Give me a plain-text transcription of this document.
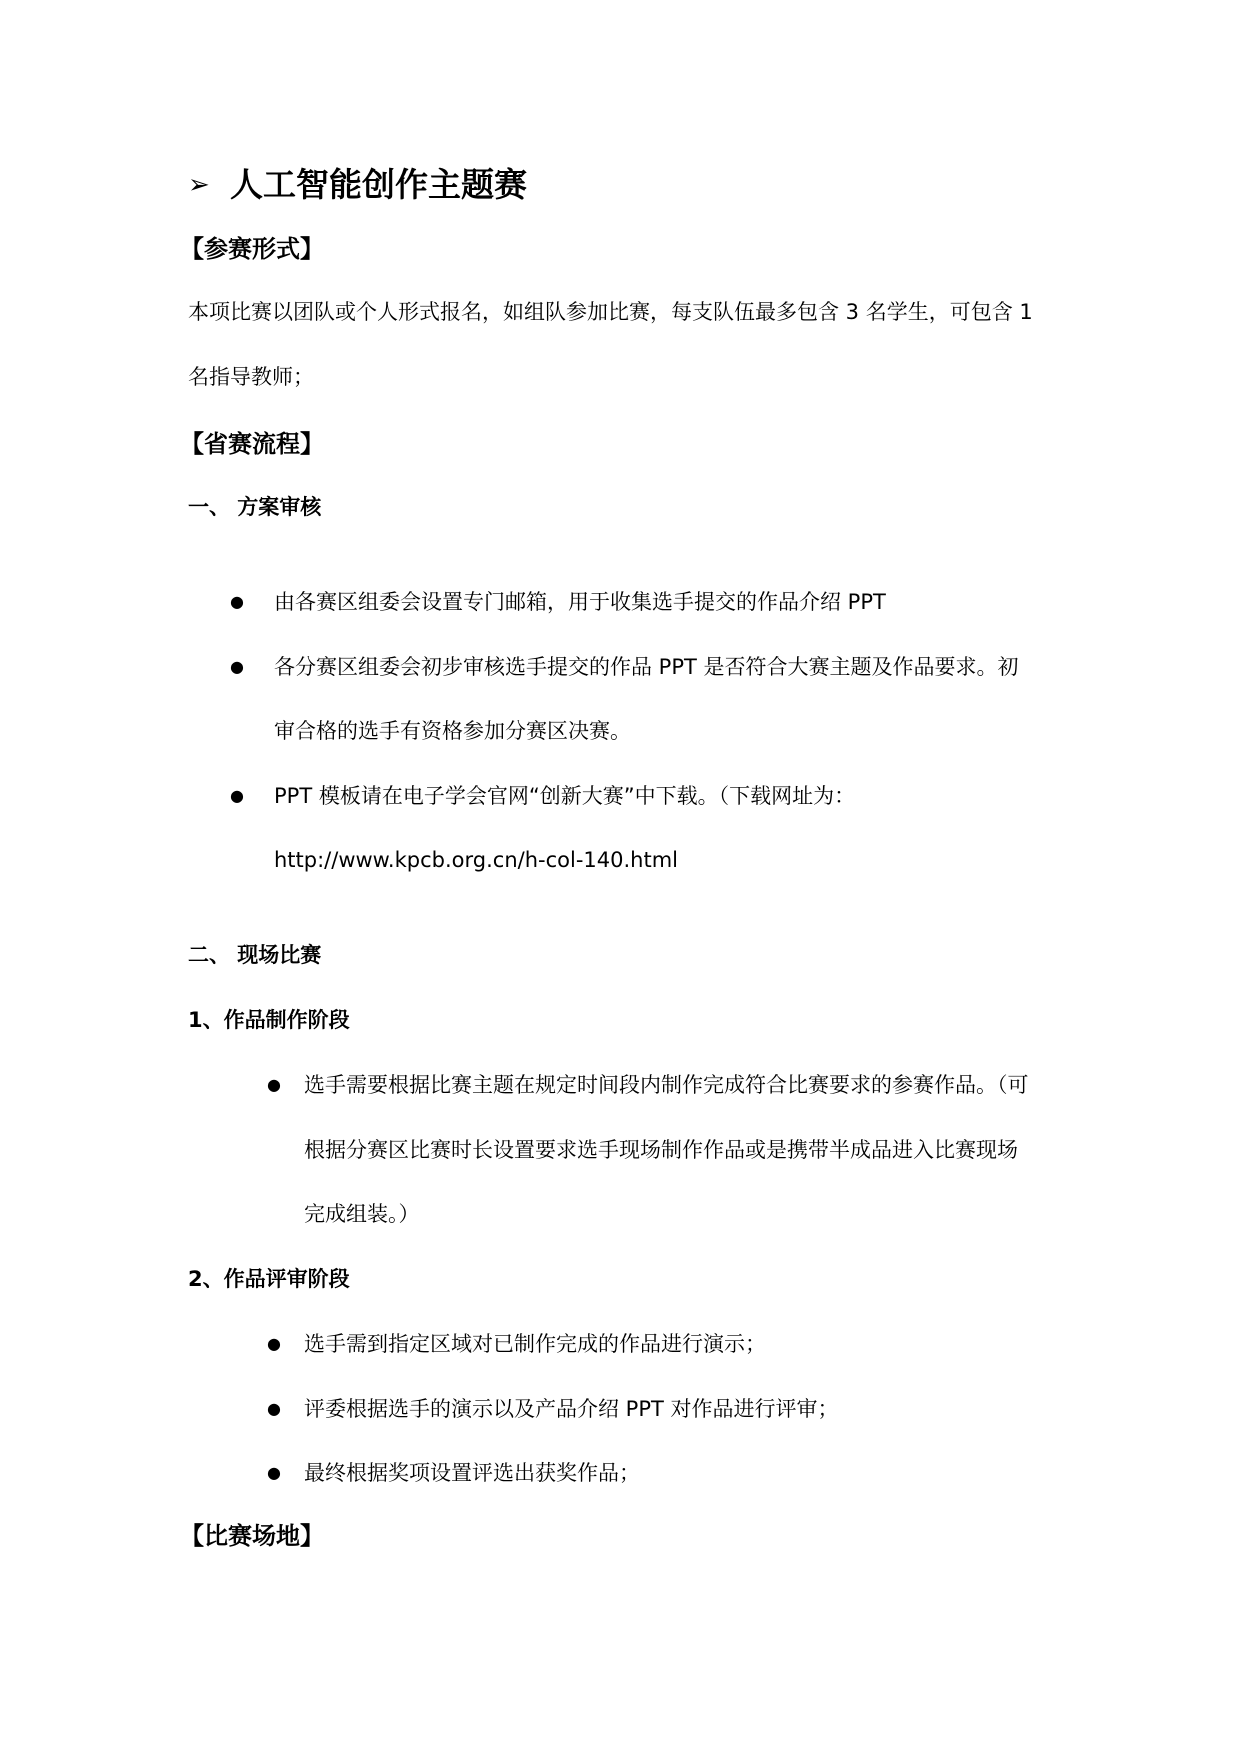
➢ 人工智能创作主题赛
【参赛形式】
本项比赛以团队或个人形式报名，如组队参加比赛，每支队伍最多包含 3 名学生，可包含 1
名指导教师；
【省赛流程】
一、 方案审核
● 由各赛区组委会设置专门邮箱，用于收集选手提交的作品介绍 PPT
● 各分赛区组委会初步审核选手提交的作品 PPT 是否符合大赛主题及作品要求。初
审合格的选手有资格参加分赛区决赛。
● PPT 模板请在电子学会官网“创新大赛”中下载。（下载网址为：
http://www.kpcb.org.cn/h-col-140.html
二、 现场比赛
1、作品制作阶段
● 选手需要根据比赛主题在规定时间段内制作完成符合比赛要求的参赛作品。（可
根据分赛区比赛时长设置要求选手现场制作作品或是携带半成品进入比赛现场
完成组装。）
2、作品评审阶段
● 选手需到指定区域对已制作完成的作品进行演示；
● 评委根据选手的演示以及产品介绍 PPT 对作品进行评审；
● 最终根据奖项设置评选出获奖作品；
【比赛场地】
